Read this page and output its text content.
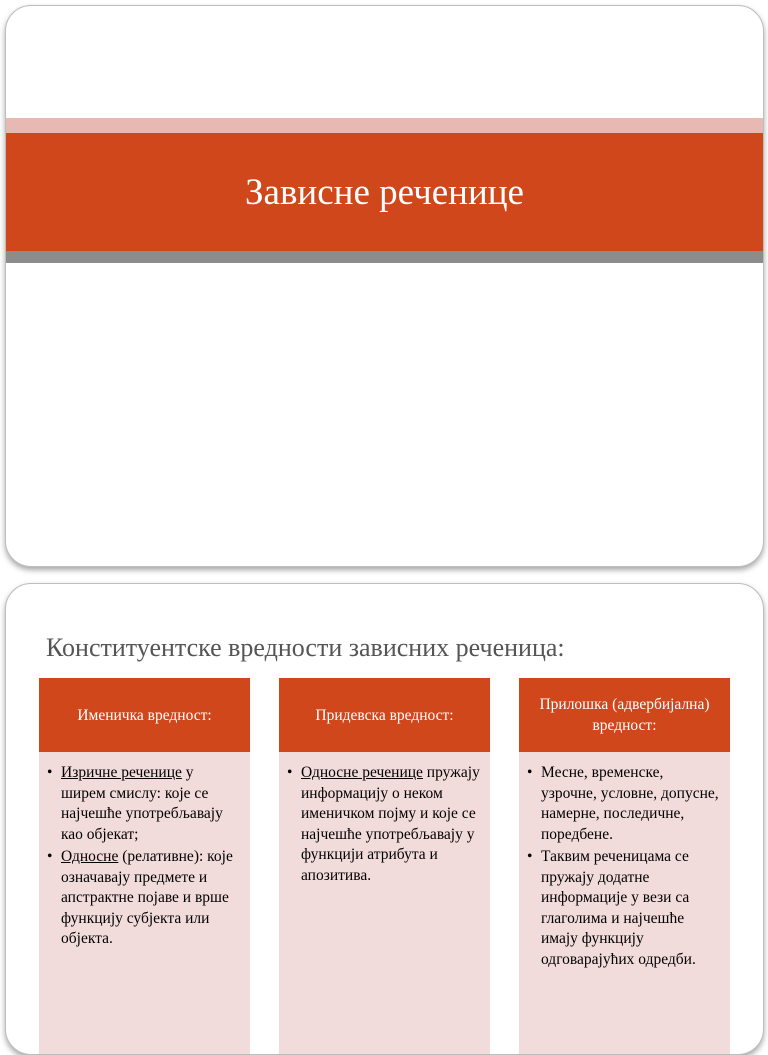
Зависне реченице
Конституентске вредности зависних реченица:
Именичка вредност:
• Изричне реченице у ширем смислу: које се најчешће употребљавају као објекат;
• Односне (релативне): које означавају предмете и апстрактне појаве и врше функцију субјекта или објекта.
Придевска вредност:
• Односне реченице пружају информацију о неком именичком појму и које се најчешће употребљавају у функцији атрибута и апозитива.
Прилошка (адвербијална) вредност:
• Месне, временске, узрочне, условне, допусне, намерне, последичне, поредбене.
• Таквим реченицама се пружају додатне информације у вези са глаголима и најчешће имају функцију одговарајућих одредби.
